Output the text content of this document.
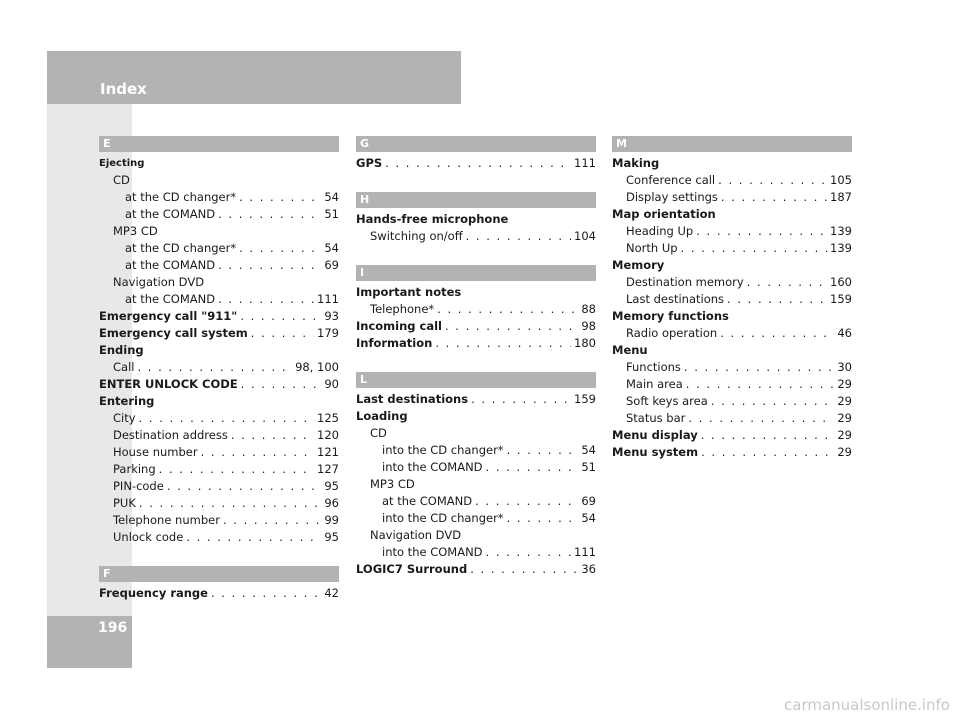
Index
196
E
Ejecting
CD
at the CD changer* . . .	54
at the COMAND . . .	51
MP3 CD
at the CD changer* . . .	54
at the COMAND . . .	69
Navigation DVD
at the COMAND . . .	111
Emergency call "911" . . .	93
Emergency call system . . .	179
Ending
Call . . .	98, 100
ENTER UNLOCK CODE . . .	90
Entering
City . . .	125
Destination address . . .	120
House number . . .	121
Parking . . .	127
PIN-code . . .	95
PUK . . .	96
Telephone number . . .	99
Unlock code . . .	95
F
Frequency range . . .	42
G
GPS . . .	111
H
Hands-free microphone
Switching on/off . . .	104
I
Important notes
Telephone* . . .	88
Incoming call . . .	98
Information . . .	180
L
Last destinations . . .	159
Loading
CD
into the CD changer* . . .	54
into the COMAND . . .	51
MP3 CD
at the COMAND . . .	69
into the CD changer* . . .	54
Navigation DVD
into the COMAND . . .	111
LOGIC7 Surround . . .	36
M
Making
Conference call . . .	105
Display settings . . .	187
Map orientation
Heading Up . . .	139
North Up . . .	139
Memory
Destination memory . . .	160
Last destinations . . .	159
Memory functions
Radio operation . . .	46
Menu
Functions . . .	30
Main area . . .	29
Soft keys area . . .	29
Status bar . . .	29
Menu display . . .	29
Menu system . . .	29
carmanualsonline.info
